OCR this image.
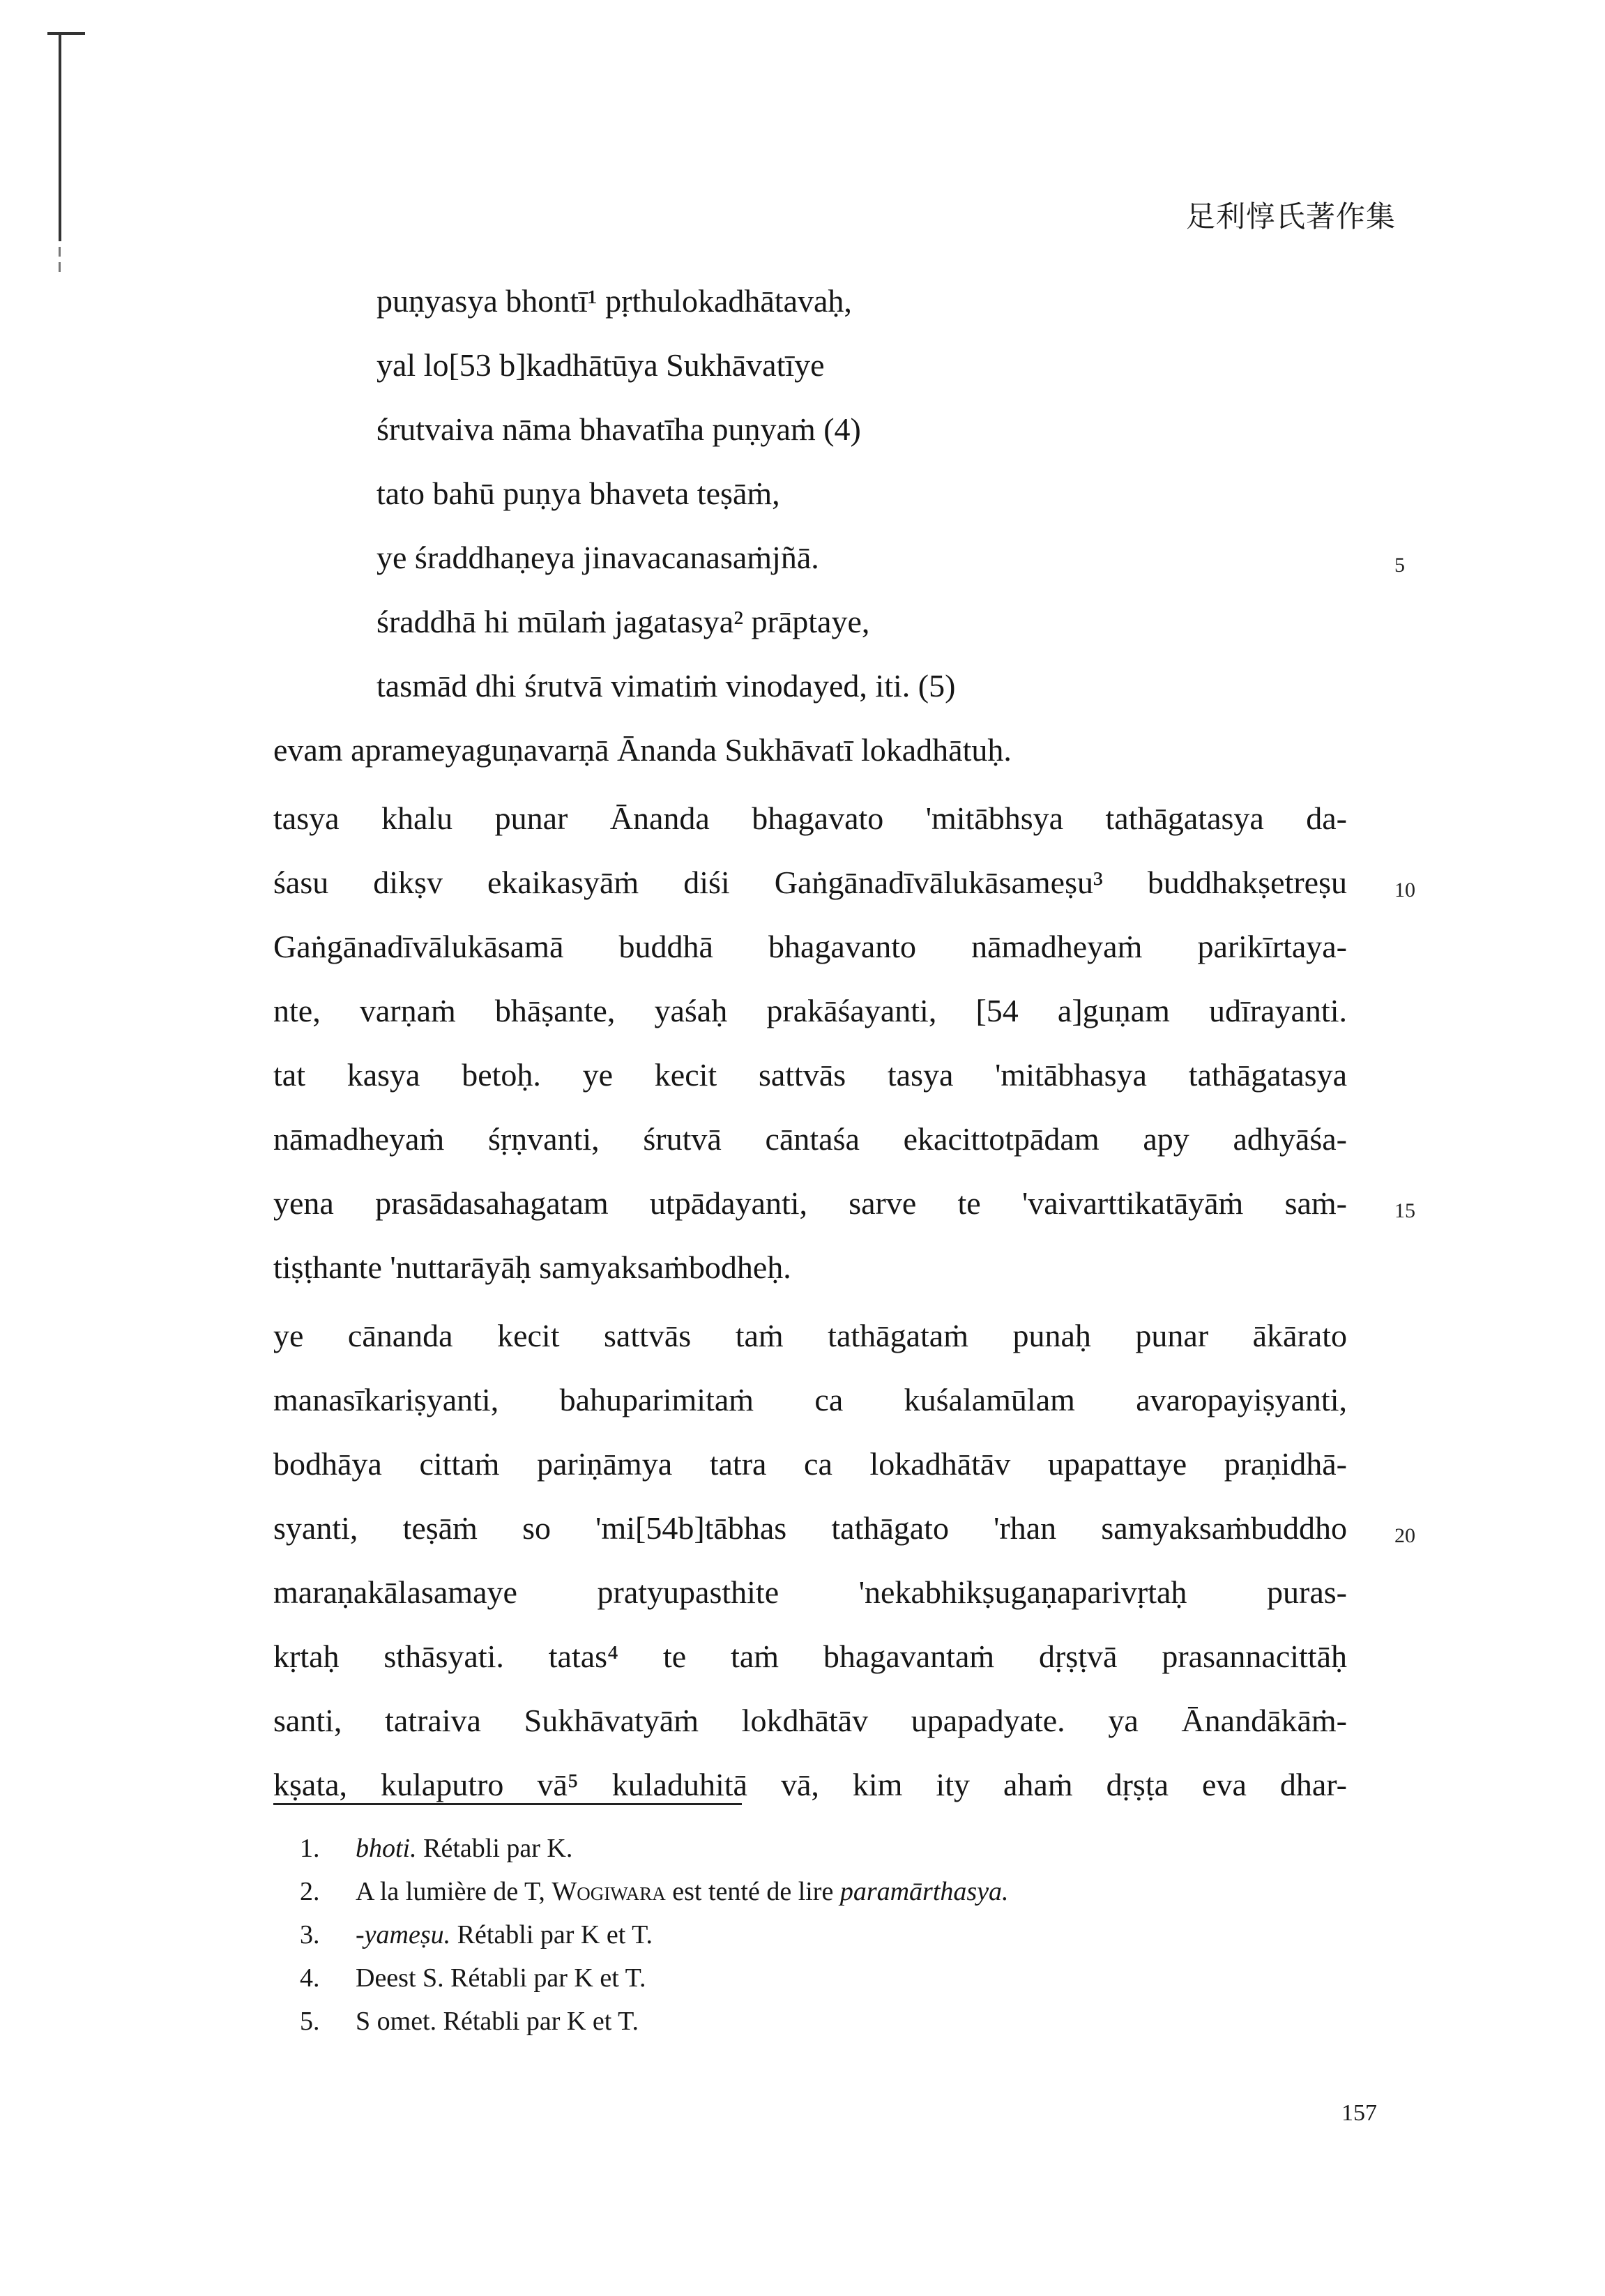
足利惇氏著作集
puṇyasya bhontī¹ pṛthulokadhātavaḥ,
yal lo[53 b]kadhātūya Sukhāvatīye
śrutvaiva nāma bhavatīha puṇyaṁ (4)
tato bahū puṇya bhaveta teṣāṁ,
ye śraddhaṇeya jinavacanasaṁjñā.
śraddhā hi mūlaṁ jagatasya² prāptaye,
tasmād dhi śrutvā vimatiṁ vinodayed, iti. (5)
evam aprameyaguṇavarṇā Ānanda Sukhāvatī lokadhātuḥ.
tasya khalu punar Ānanda bhagavato 'mitābhsya tathāgatasya da-
śasu dikṣv ekaikasyāṁ diśi Gaṅgānadīvālukāsameṣu³ buddhakṣetreṣu
Gaṅgānadīvālukāsamā buddhā bhagavanto nāmadheyaṁ parikīrtaya-
nte, varṇaṁ bhāṣante, yaśaḥ prakāśayanti, [54 a]guṇam udīrayanti.
tat kasya betoḥ. ye kecit sattvās tasya 'mitābhasya tathāgatasya
nāmadheyaṁ śṛṇvanti, śrutvā cāntaśa ekacittotpādam apy adhyāśa-
yena prasādasahagatam utpādayanti, sarve te 'vaivarttikatāyāṁ saṁ-
tiṣṭhante 'nuttarāyāḥ samyaksaṁbodheḥ.
ye cānanda kecit sattvās taṁ tathāgataṁ punaḥ punar ākārato
manasīkariṣyanti, bahuparimitaṁ ca kuśalamūlam avaropayiṣyanti,
bodhāya cittaṁ pariṇāmya tatra ca lokadhātāv upapattaye praṇidhā-
syanti, teṣāṁ so 'mi[54b]tābhas tathāgato 'rhan samyaksaṁbuddho
maraṇakālasamaye pratyupasthite 'nekabhikṣugaṇaparivṛtaḥ puras-
kṛtaḥ sthāsyati. tatas⁴ te taṁ bhagavantaṁ dṛṣṭvā prasannacittāḥ
santi, tatraiva Sukhāvatyāṁ lokdhātāv upapadyate. ya Ānandākāṁ-
kṣata, kulaputro vā⁵ kuladuhitā vā, kim ity ahaṁ dṛṣṭa eva dhar-
5
10
15
20
1. bhoti. Rétabli par K.
2. A la lumière de T, Wogiwara est tenté de lire paramārthasya.
3. -yameṣu. Rétabli par K et T.
4. Deest S. Rétabli par K et T.
5. S omet. Rétabli par K et T.
157
